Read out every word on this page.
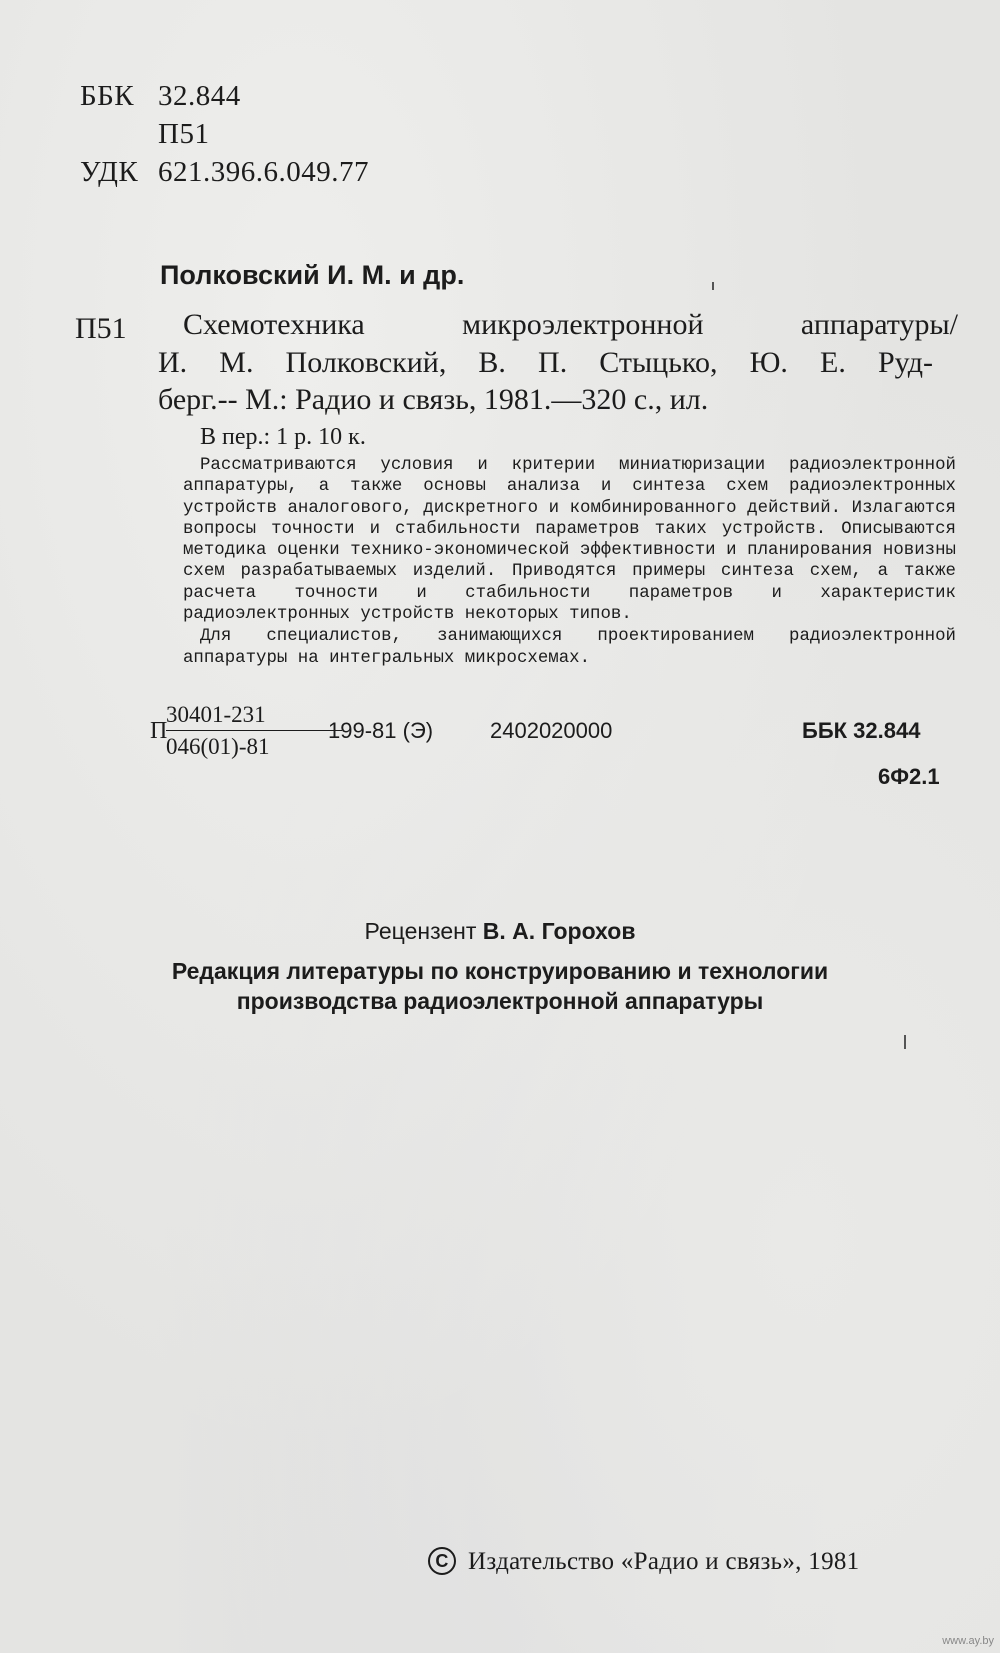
ББК 32.844
П51
УДК 621.396.6.049.77
Полковский И. М. и др.
П51 Схемотехника микроэлектронной аппаратуры/
И. М. Полковский, В. П. Стыцько, Ю. Е. Руд-
берг.-- М.: Радио и связь, 1981.—320 с., ил.
В пер.: 1 р. 10 к.

Рассматриваются условия и критерии миниатюризации радиоэлектронной аппаратуры, а также основы анализа и синтеза схем радиоэлектронных устройств аналогового, дискретного и комбинированного действий. Излагаются вопросы точности и стабильности параметров таких устройств. Описываются методика оценки технико-экономической эффективности и планирования новизны схем разрабатываемых изделий. Приводятся примеры синтеза схем, а также расчета точности и стабильности параметров и характеристик радиоэлектронных устройств некоторых типов.

Для специалистов, занимающихся проектированием радиоэлектронной аппаратуры на интегральных микросхемах.

П
30401-231
046(01)-81
199-81 (Э)	2402020000	ББК 32.844
6Ф2.1
Рецензент В. А. Горохов
Редакция литературы по конструированию и технологии
производства радиоэлектронной аппаратуры
С Издательство «Радио и связь», 1981
www.ay.by
